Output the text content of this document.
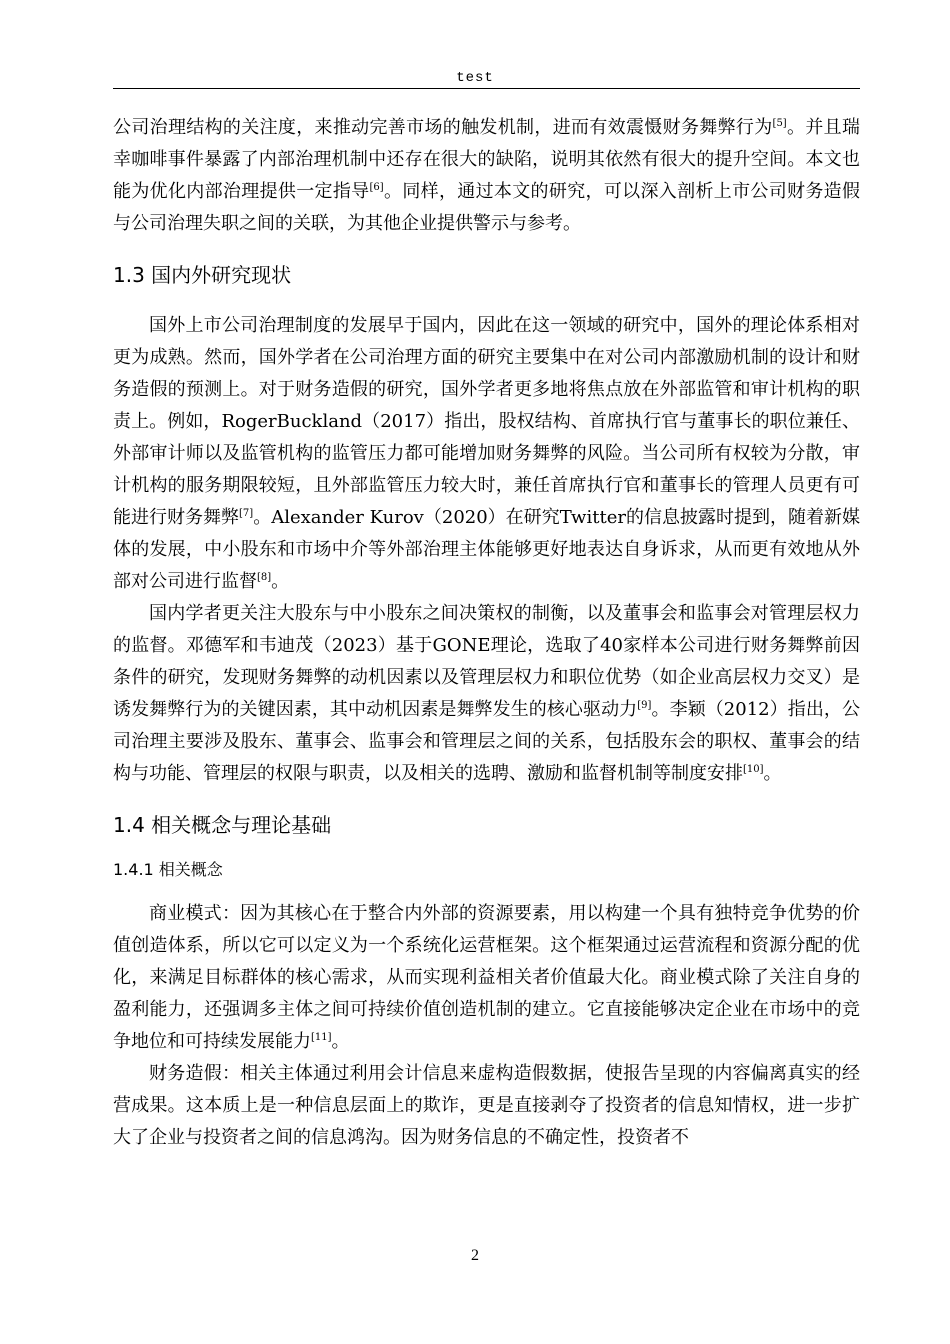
test

公司治理结构的关注度，来推动完善市场的触发机制，进而有效震慑财务舞弊行为[5]。并且瑞幸咖啡事件暴露了内部治理机制中还存在很大的缺陷，说明其依然有很大的提升空间。本文也能为优化内部治理提供一定指导[6]。同样，通过本文的研究，可以深入剖析上市公司财务造假与公司治理失职之间的关联，为其他企业提供警示与参考。

1.3 国内外研究现状

国外上市公司治理制度的发展早于国内，因此在这一领域的研究中，国外的理论体系相对更为成熟。然而，国外学者在公司治理方面的研究主要集中在对公司内部激励机制的设计和财务造假的预测上。对于财务造假的研究，国外学者更多地将焦点放在外部监管和审计机构的职责上。例如，RogerBuckland（2017）指出，股权结构、首席执行官与董事长的职位兼任、外部审计师以及监管机构的监管压力都可能增加财务舞弊的风险。当公司所有权较为分散，审计机构的服务期限较短，且外部监管压力较大时，兼任首席执行官和董事长的管理人员更有可能进行财务舞弊[7]。Alexander Kurov（2020）在研究Twitter的信息披露时提到，随着新媒体的发展，中小股东和市场中介等外部治理主体能够更好地表达自身诉求，从而更有效地从外部对公司进行监督[8]。

国内学者更关注大股东与中小股东之间决策权的制衡，以及董事会和监事会对管理层权力的监督。邓德军和韦迪茂（2023）基于GONE理论，选取了40家样本公司进行财务舞弊前因条件的研究，发现财务舞弊的动机因素以及管理层权力和职位优势（如企业高层权力交叉）是诱发舞弊行为的关键因素，其中动机因素是舞弊发生的核心驱动力[9]。李颖（2012）指出，公司治理主要涉及股东、董事会、监事会和管理层之间的关系，包括股东会的职权、董事会的结构与功能、管理层的权限与职责，以及相关的选聘、激励和监督机制等制度安排[10]。

1.4 相关概念与理论基础
1.4.1 相关概念

商业模式：因为其核心在于整合内外部的资源要素，用以构建一个具有独特竞争优势的价值创造体系，所以它可以定义为一个系统化运营框架。这个框架通过运营流程和资源分配的优化，来满足目标群体的核心需求，从而实现利益相关者价值最大化。商业模式除了关注自身的盈利能力，还强调多主体之间可持续价值创造机制的建立。它直接能够决定企业在市场中的竞争地位和可持续发展能力[11]。

财务造假：相关主体通过利用会计信息来虚构造假数据，使报告呈现的内容偏离真实的经营成果。这本质上是一种信息层面上的欺诈，更是直接剥夺了投资者的信息知情权，进一步扩大了企业与投资者之间的信息鸿沟。因为财务信息的不确定性，投资者不

2
